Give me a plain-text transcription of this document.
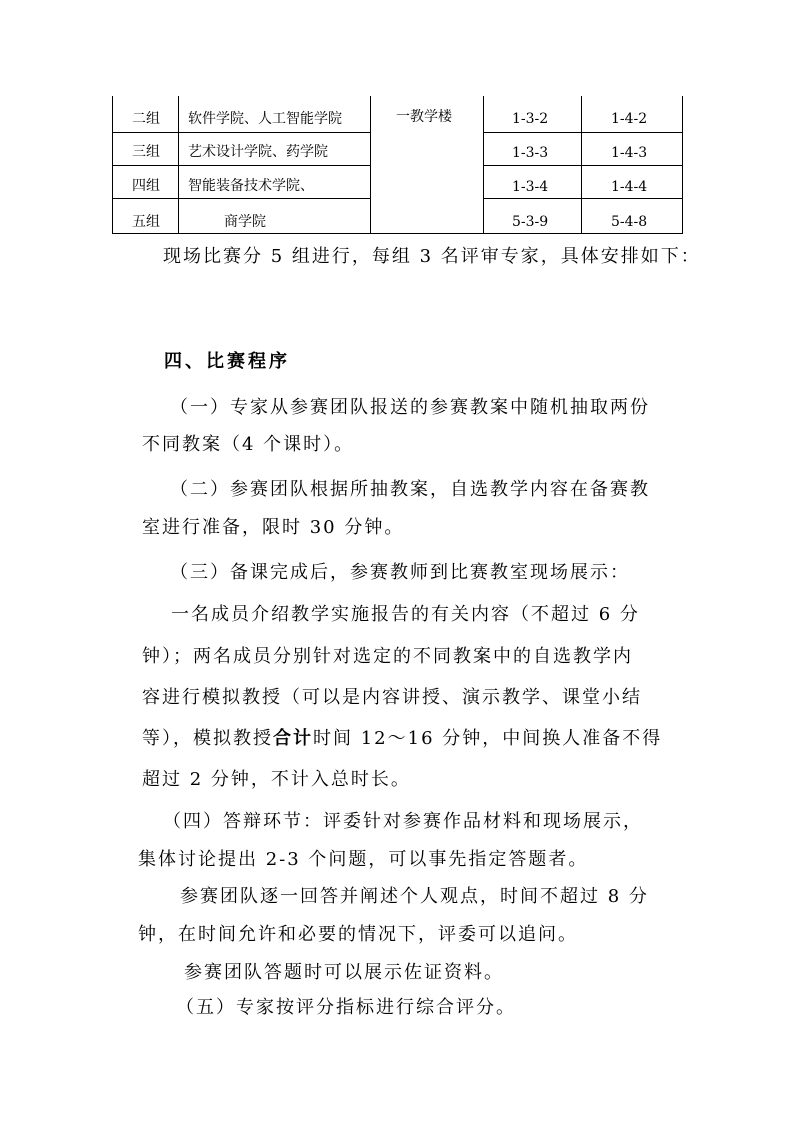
二组 软件学院、人工智能学院	一教学楼	1-3-2	1-4-2
三组 艺术设计学院、药学院	1-3-3	1-4-3
四组 智能装备技术学院、	1-3-4	1-4-4
五组	商学院	5-3-9	5-4-8
现场比赛分 5 组进行，每组 3 名评审专家，具体安排如下：
四、比赛程序
（一）专家从参赛团队报送的参赛教案中随机抽取两份
不同教案（4 个课时）。
（二）参赛团队根据所抽教案，自选教学内容在备赛教
室进行准备，限时 30 分钟。
（三）备课完成后，参赛教师到比赛教室现场展示：
一名成员介绍教学实施报告的有关内容（不超过 6 分
钟）；两名成员分别针对选定的不同教案中的自选教学内
容进行模拟教授（可以是内容讲授、演示教学、课堂小结
等），模拟教授合计时间 12～16 分钟，中间换人准备不得
超过 2 分钟，不计入总时长。
（四）答辩环节：评委针对参赛作品材料和现场展示，
集体讨论提出 2-3 个问题，可以事先指定答题者。
参赛团队逐一回答并阐述个人观点，时间不超过 8 分
钟，在时间允许和必要的情况下，评委可以追问。
参赛团队答题时可以展示佐证资料。
（五）专家按评分指标进行综合评分。
